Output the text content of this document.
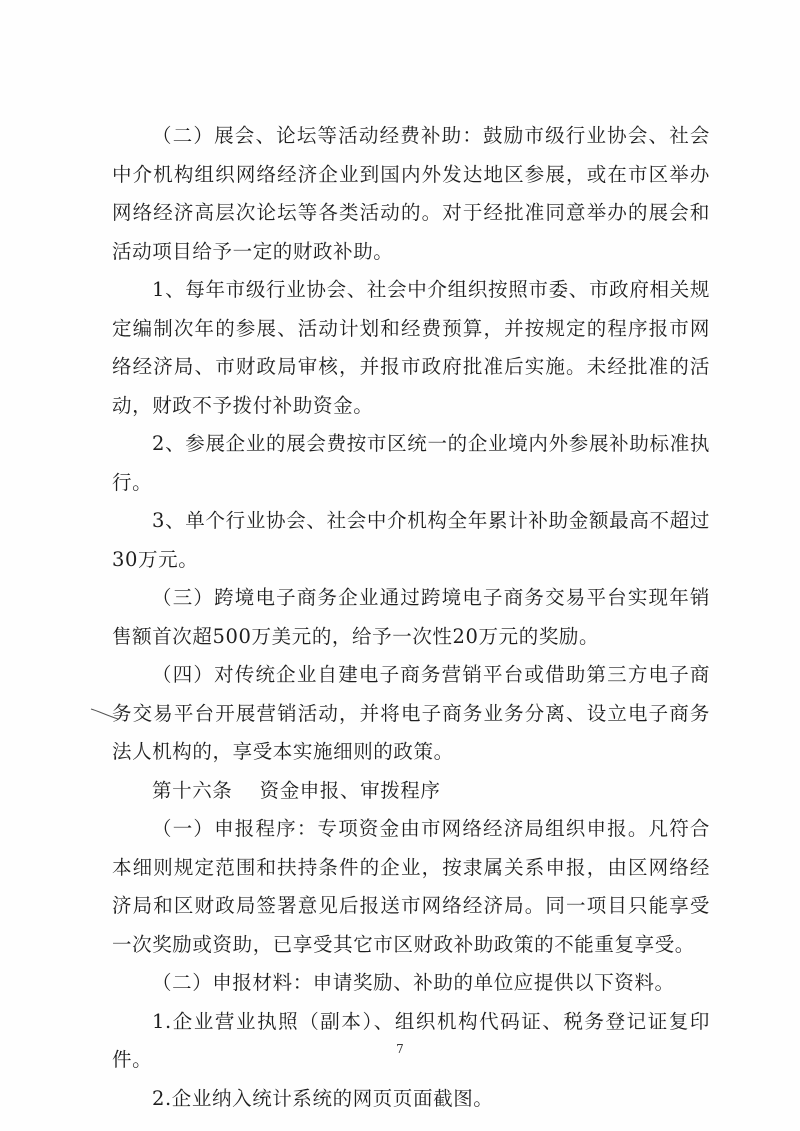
（二）展会、论坛等活动经费补助：鼓励市级行业协会、社会中介机构组织网络经济企业到国内外发达地区参展，或在市区举办网络经济高层次论坛等各类活动的。对于经批准同意举办的展会和活动项目给予一定的财政补助。

1、每年市级行业协会、社会中介组织按照市委、市政府相关规定编制次年的参展、活动计划和经费预算，并按规定的程序报市网络经济局、市财政局审核，并报市政府批准后实施。未经批准的活动，财政不予拨付补助资金。

2、参展企业的展会费按市区统一的企业境内外参展补助标准执行。

3、单个行业协会、社会中介机构全年累计补助金额最高不超过30万元。

（三）跨境电子商务企业通过跨境电子商务交易平台实现年销售额首次超500万美元的，给予一次性20万元的奖励。

（四）对传统企业自建电子商务营销平台或借助第三方电子商务交易平台开展营销活动，并将电子商务业务分离、设立电子商务法人机构的，享受本实施细则的政策。

第十六条    资金申报、审拨程序

（一）申报程序：专项资金由市网络经济局组织申报。凡符合本细则规定范围和扶持条件的企业，按隶属关系申报，由区网络经济局和区财政局签署意见后报送市网络经济局。同一项目只能享受一次奖励或资助，已享受其它市区财政补助政策的不能重复享受。

（二）申报材料：申请奖励、补助的单位应提供以下资料。

1.企业营业执照（副本）、组织机构代码证、税务登记证复印件。

2.企业纳入统计系统的网页页面截图。

7
